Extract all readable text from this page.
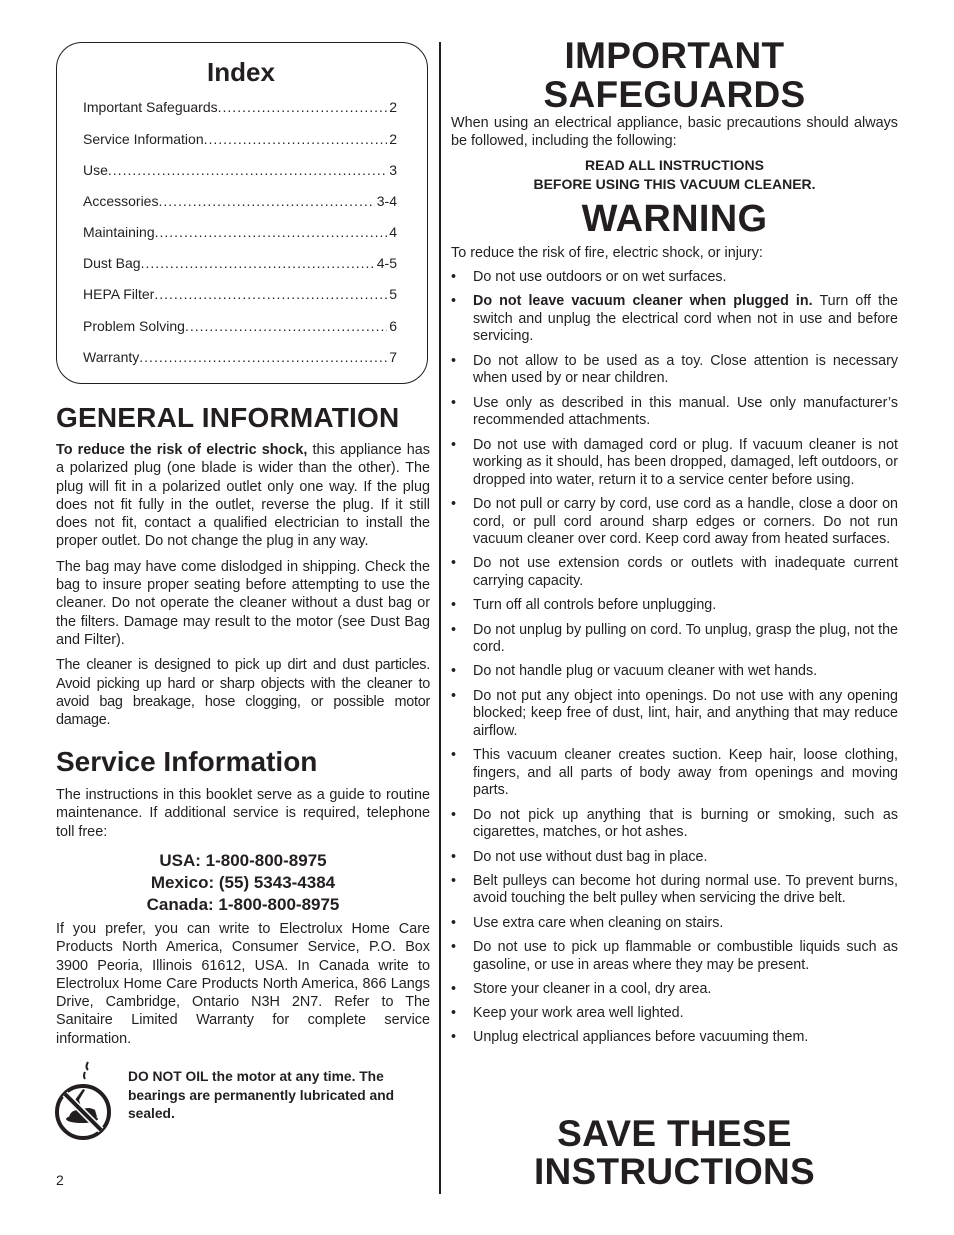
Index
Important Safeguards .....	2
Service Information .....	2
Use .....	3
Accessories .....	3-4
Maintaining .....	4
Dust Bag .....	4-5
HEPA Filter .....	5
Problem Solving .....	6
Warranty .....	7
GENERAL INFORMATION

To reduce the risk of electric shock, this appliance has a polarized plug (one blade is wider than the other). The plug will fit in a polarized outlet only one way. If the plug does not fit fully in the outlet, reverse the plug. If it still does not fit, contact a qualified electrician to install the proper outlet. Do not change the plug in any way.

The bag may have come dislodged in shipping. Check the bag to insure proper seating before attempting to use the cleaner. Do not operate the cleaner without a dust bag or the filters. Damage may result to the motor (see Dust Bag and Filter).

The cleaner is designed to pick up dirt and dust particles. Avoid picking up hard or sharp objects with the cleaner to avoid bag breakage, hose clogging, or possible motor damage.

Service Information

The instructions in this booklet serve as a guide to routine maintenance. If additional service is required, telephone toll free:

USA: 1-800-800-8975
Mexico: (55) 5343-4384
Canada: 1-800-800-8975

If you prefer, you can write to Electrolux Home Care Products North America, Consumer Service, P.O. Box 3900 Peoria, Illinois 61612, USA. In Canada write to Electrolux Home Care Products North America, 866 Langs Drive, Cambridge, Ontario N3H 2N7. Refer to The Sanitaire Limited Warranty for complete service information.

DO NOT OIL the motor at any time. The bearings are permanently lubricated and sealed.
2
IMPORTANT
SAFEGUARDS

When using an electrical appliance, basic precautions should always be followed, including the following:

READ ALL INSTRUCTIONS
BEFORE USING THIS VACUUM CLEANER.
WARNING
To reduce the risk of fire, electric shock, or injury:
• Do not use outdoors or on wet surfaces.
• Do not leave vacuum cleaner when plugged in. Turn off the switch and unplug the electrical cord when not in use and before servicing.
• Do not allow to be used as a toy. Close attention is necessary when used by or near children.
• Use only as described in this manual. Use only manufacturer’s recommended attachments.
• Do not use with damaged cord or plug. If vacuum cleaner is not working as it should, has been dropped, damaged, left outdoors, or dropped into water, return it to a service center before using.
• Do not pull or carry by cord, use cord as a handle, close a door on cord, or pull cord around sharp edges or corners. Do not run vacuum cleaner over cord. Keep cord away from heated surfaces.
• Do not use extension cords or outlets with inadequate current carrying capacity.
• Turn off all controls before unplugging.
• Do not unplug by pulling on cord. To unplug, grasp the plug, not the cord.
• Do not handle plug or vacuum cleaner with wet hands.
• Do not put any object into openings. Do not use with any opening blocked; keep free of dust, lint, hair, and anything that may reduce airflow.
• This vacuum cleaner creates suction. Keep hair, loose clothing, fingers, and all parts of body away from openings and moving parts.
• Do not pick up anything that is burning or smoking, such as cigarettes, matches, or hot ashes.
• Do not use without dust bag in place.
• Belt pulleys can become hot during normal use. To prevent burns, avoid touching the belt pulley when servicing the drive belt.
• Use extra care when cleaning on stairs.
• Do not use to pick up flammable or combustible liquids such as gasoline, or use in areas where they may be present.
• Store your cleaner in a cool, dry area.
• Keep your work area well lighted.
• Unplug electrical appliances before vacuuming them.
SAVE THESE
INSTRUCTIONS
